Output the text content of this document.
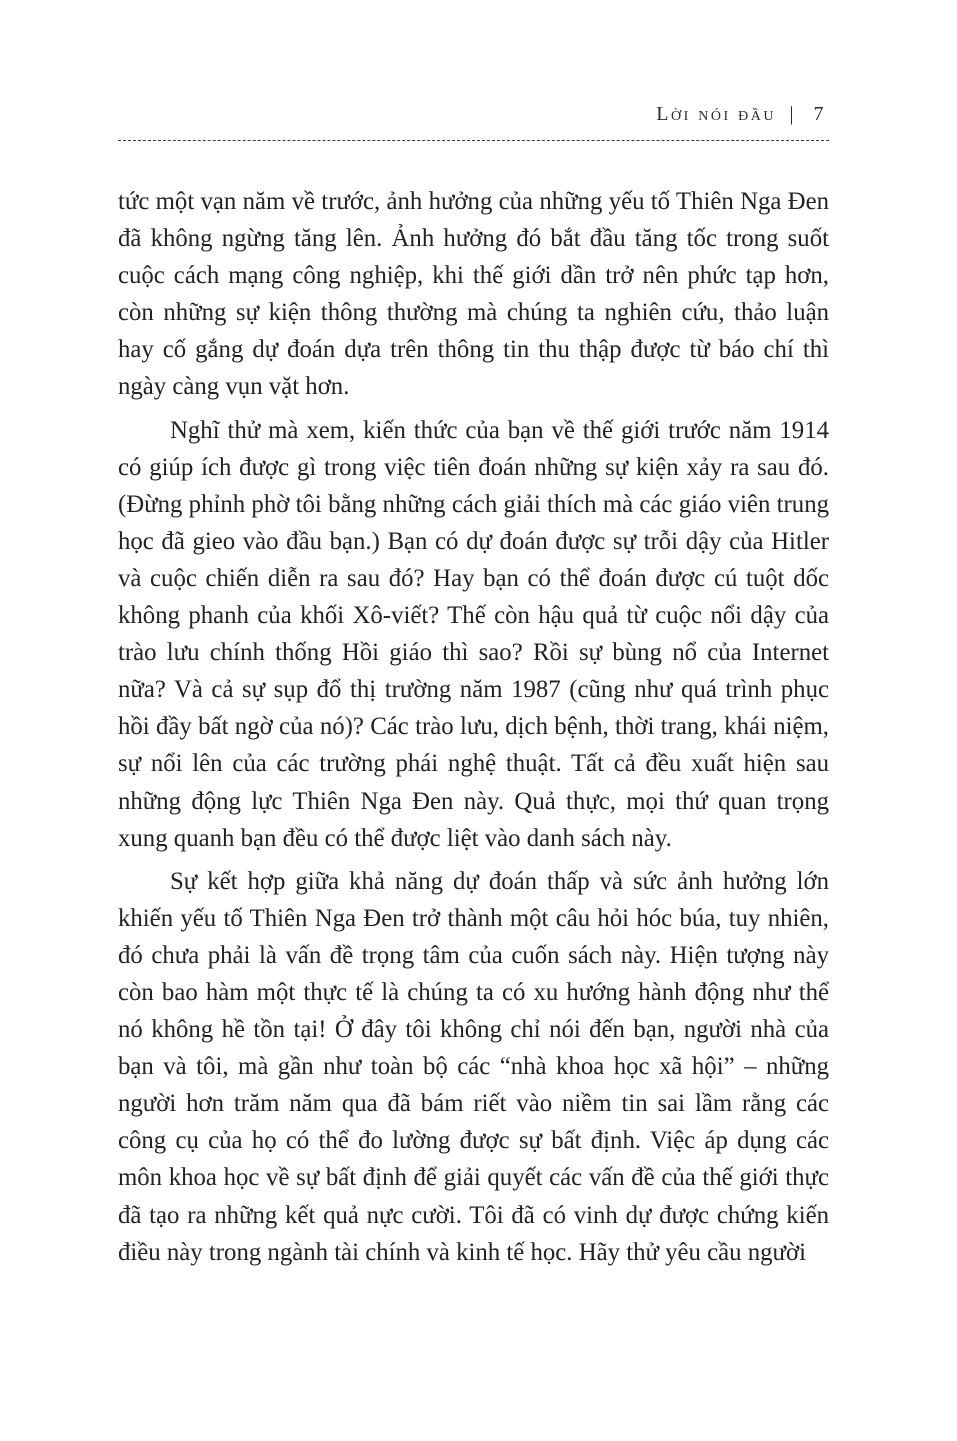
Lời nói đầu | 7

tức một vạn năm về trước, ảnh hưởng của những yếu tố Thiên Nga Đen đã không ngừng tăng lên. Ảnh hưởng đó bắt đầu tăng tốc trong suốt cuộc cách mạng công nghiệp, khi thế giới dần trở nên phức tạp hơn, còn những sự kiện thông thường mà chúng ta nghiên cứu, thảo luận hay cố gắng dự đoán dựa trên thông tin thu thập được từ báo chí thì ngày càng vụn vặt hơn.

Nghĩ thử mà xem, kiến thức của bạn về thế giới trước năm 1914 có giúp ích được gì trong việc tiên đoán những sự kiện xảy ra sau đó. (Đừng phỉnh phờ tôi bằng những cách giải thích mà các giáo viên trung học đã gieo vào đầu bạn.) Bạn có dự đoán được sự trỗi dậy của Hitler và cuộc chiến diễn ra sau đó? Hay bạn có thể đoán được cú tuột dốc không phanh của khối Xô-viết? Thế còn hậu quả từ cuộc nổi dậy của trào lưu chính thống Hồi giáo thì sao? Rồi sự bùng nổ của Internet nữa? Và cả sự sụp đổ thị trường năm 1987 (cũng như quá trình phục hồi đầy bất ngờ của nó)? Các trào lưu, dịch bệnh, thời trang, khái niệm, sự nổi lên của các trường phái nghệ thuật. Tất cả đều xuất hiện sau những động lực Thiên Nga Đen này. Quả thực, mọi thứ quan trọng xung quanh bạn đều có thể được liệt vào danh sách này.

Sự kết hợp giữa khả năng dự đoán thấp và sức ảnh hưởng lớn khiến yếu tố Thiên Nga Đen trở thành một câu hỏi hóc búa, tuy nhiên, đó chưa phải là vấn đề trọng tâm của cuốn sách này. Hiện tượng này còn bao hàm một thực tế là chúng ta có xu hướng hành động như thể nó không hề tồn tại! Ở đây tôi không chỉ nói đến bạn, người nhà của bạn và tôi, mà gần như toàn bộ các “nhà khoa học xã hội” – những người hơn trăm năm qua đã bám riết vào niềm tin sai lầm rằng các công cụ của họ có thể đo lường được sự bất định. Việc áp dụng các môn khoa học về sự bất định để giải quyết các vấn đề của thế giới thực đã tạo ra những kết quả nực cười. Tôi đã có vinh dự được chứng kiến điều này trong ngành tài chính và kinh tế học. Hãy thử yêu cầu người
